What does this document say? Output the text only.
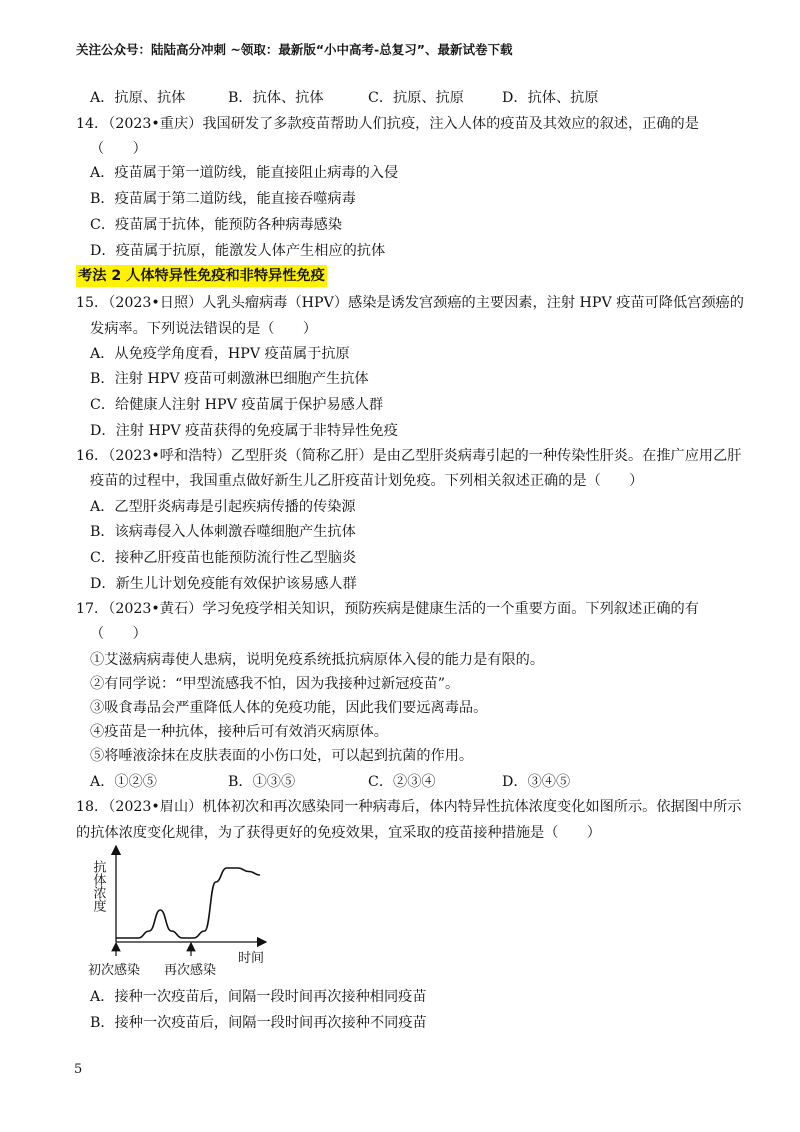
关注公众号：陆陆高分冲刺 ~领取：最新版“小中高考-总复习”、最新试卷下载
A．抗原、抗体	B．抗体、抗体	C．抗原、抗原	D．抗体、抗原
14．（2023•重庆）我国研发了多款疫苗帮助人们抗疫，注入人体的疫苗及其效应的叙述，正确的是
（　　）
A．疫苗属于第一道防线，能直接阻止病毒的入侵
B．疫苗属于第二道防线，能直接吞噬病毒
C．疫苗属于抗体，能预防各种病毒感染
D．疫苗属于抗原，能激发人体产生相应的抗体
考法 2 人体特异性免疫和非特异性免疫
15．（2023•日照）人乳头瘤病毒（HPV）感染是诱发宫颈癌的主要因素，注射 HPV 疫苗可降低宫颈癌的
发病率。下列说法错误的是（　　）
A．从免疫学角度看，HPV 疫苗属于抗原
B．注射 HPV 疫苗可刺激淋巴细胞产生抗体
C．给健康人注射 HPV 疫苗属于保护易感人群
D．注射 HPV 疫苗获得的免疫属于非特异性免疫
16．（2023•呼和浩特）乙型肝炎（简称乙肝）是由乙型肝炎病毒引起的一种传染性肝炎。在推广应用乙肝
疫苗的过程中，我国重点做好新生儿乙肝疫苗计划免疫。下列相关叙述正确的是（　　）
A．乙型肝炎病毒是引起疾病传播的传染源
B．该病毒侵入人体刺激吞噬细胞产生抗体
C．接种乙肝疫苗也能预防流行性乙型脑炎
D．新生儿计划免疫能有效保护该易感人群
17．（2023•黄石）学习免疫学相关知识，预防疾病是健康生活的一个重要方面。下列叙述正确的有
（　　）
①艾滋病病毒使人患病，说明免疫系统抵抗病原体入侵的能力是有限的。
②有同学说：“甲型流感我不怕，因为我接种过新冠疫苗”。
③吸食毒品会严重降低人体的免疫功能，因此我们要远离毒品。
④疫苗是一种抗体，接种后可有效消灭病原体。
⑤将唾液涂抹在皮肤表面的小伤口处，可以起到抗菌的作用。
A．①②⑤	B．①③⑤	C．②③④	D．③④⑤
18．（2023•眉山）机体初次和再次感染同一种病毒后，体内特异性抗体浓度变化如图所示。依据图中所示
的抗体浓度变化规律，为了获得更好的免疫效果，宜采取的疫苗接种措施是（　　）
抗体浓度
时间
初次感染 再次感染
A．接种一次疫苗后，间隔一段时间再次接种相同疫苗
B．接种一次疫苗后，间隔一段时间再次接种不同疫苗
5
